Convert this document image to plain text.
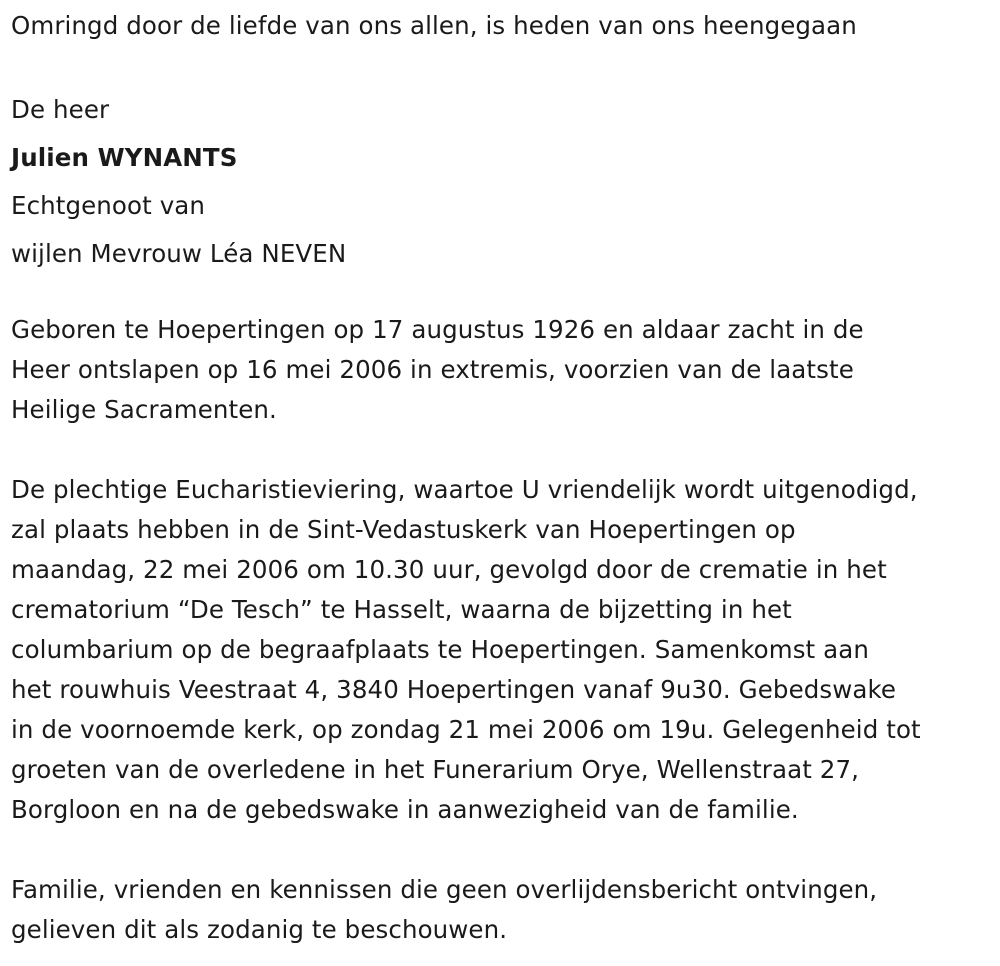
Omringd door de liefde van ons allen, is heden van ons heengegaan
De heer
Julien WYNANTS
Echtgenoot van
wijlen Mevrouw Léa NEVEN
Geboren te Hoepertingen op 17 augustus 1926 en aldaar zacht in de
Heer ontslapen op 16 mei 2006 in extremis, voorzien van de laatste
Heilige Sacramenten.
De plechtige Eucharistieviering, waartoe U vriendelijk wordt uitgenodigd,
zal plaats hebben in de Sint-Vedastuskerk van Hoepertingen op
maandag, 22 mei 2006 om 10.30 uur, gevolgd door de crematie in het
crematorium “De Tesch” te Hasselt, waarna de bijzetting in het
columbarium op de begraafplaats te Hoepertingen. Samenkomst aan
het rouwhuis Veestraat 4, 3840 Hoepertingen vanaf 9u30. Gebedswake
in de voornoemde kerk, op zondag 21 mei 2006 om 19u. Gelegenheid tot
groeten van de overledene in het Funerarium Orye, Wellenstraat 27,
Borgloon en na de gebedswake in aanwezigheid van de familie.
Familie, vrienden en kennissen die geen overlijdensbericht ontvingen,
gelieven dit als zodanig te beschouwen.
